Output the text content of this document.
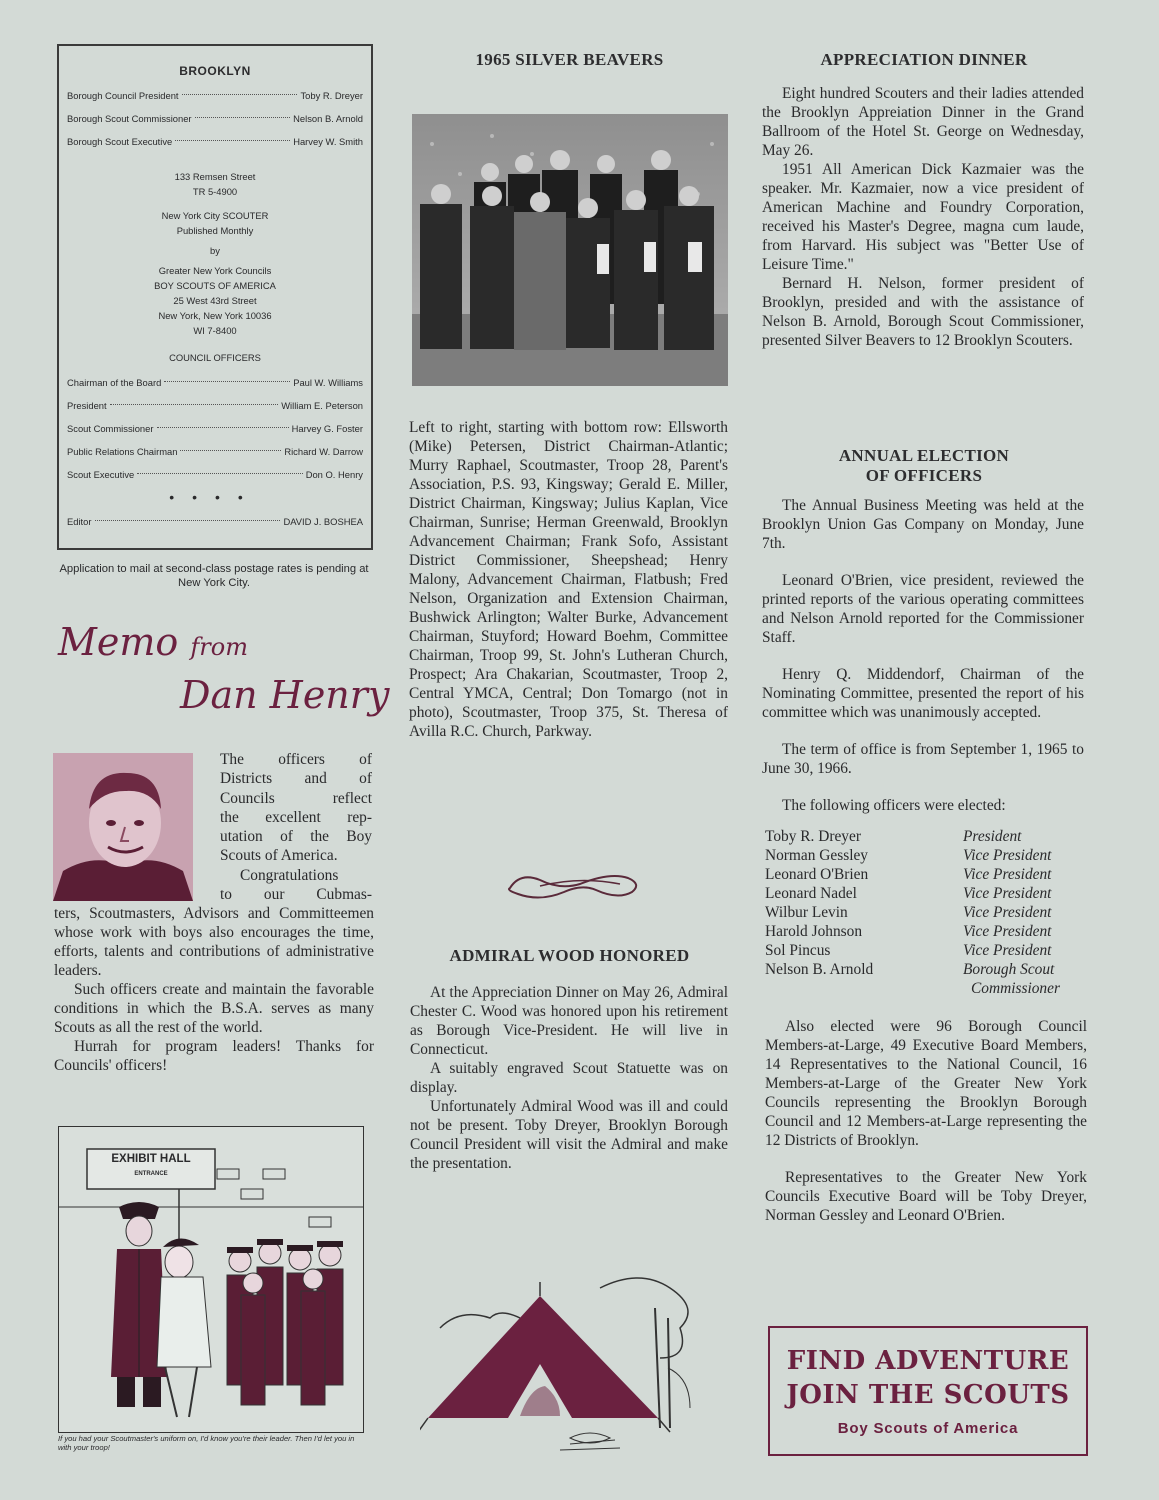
BROOKLYN
Borough Council President	Toby R. Dreyer
Borough Scout Commissioner	Nelson B. Arnold
Borough Scout Executive	Harvey W. Smith
133 Remsen Street
TR 5-4900
New York City SCOUTER
Published Monthly
by
Greater New York Councils
BOY SCOUTS OF AMERICA
25 West 43rd Street
New York, New York 10036
WI 7-8400
COUNCIL OFFICERS
Chairman of the Board	Paul W. Williams
President	William E. Peterson
Scout Commissioner	Harvey G. Foster
Public Relations Chairman	Richard W. Darrow
Scout Executive	Don O. Henry
••••
Editor	DAVID J. BOSHEA
Application to mail at second-class postage rates is pending at New York City.
Memo from
Dan Henry
The officers of
Districts and of
Councils reflect
the excellent rep-
utation of the Boy
Scouts of America.
Congratulations
to our Cubmas-

ters, Scoutmasters, Advisors and Committeemen whose work with boys also encourages the time, efforts, talents and contributions of administrative leaders.

Such officers create and maintain the favorable conditions in which the B.S.A. serves as many Scouts as all the rest of the world.

Hurrah for program leaders! Thanks for Councils' officers!

EXHIBIT HALL
ENTRANCE
If you had your Scoutmaster's uniform on, I'd know you're their leader. Then I'd let you in with your troop!
1965 SILVER BEAVERS

Left to right, starting with bottom row: Ellsworth (Mike) Petersen, District Chairman-Atlantic; Murry Raphael, Scoutmaster, Troop 28, Parent's Association, P.S. 93, Kingsway; Gerald E. Miller, District Chairman, Kingsway; Julius Kaplan, Vice Chairman, Sunrise; Herman Greenwald, Brooklyn Advancement Chairman; Frank Sofo, Assistant District Commissioner, Sheepshead; Henry Malony, Advancement Chairman, Flatbush; Fred Nelson, Organization and Extension Chairman, Bushwick Arlington; Walter Burke, Advancement Chairman, Stuyford; Howard Boehm, Committee Chairman, Troop 99, St. John's Lutheran Church, Prospect; Ara Chakarian, Scoutmaster, Troop 2, Central YMCA, Central; Don Tomargo (not in photo), Scoutmaster, Troop 375, St. Theresa of Avilla R.C. Church, Parkway.

ADMIRAL WOOD HONORED

At the Appreciation Dinner on May 26, Admiral Chester C. Wood was honored upon his retirement as Borough Vice-President. He will live in Connecticut.

A suitably engraved Scout Statuette was on display.

Unfortunately Admiral Wood was ill and could not be present. Toby Dreyer, Brooklyn Borough Council President will visit the Admiral and make the presentation.

APPRECIATION DINNER

Eight hundred Scouters and their ladies attended the Brooklyn Appreiation Dinner in the Grand Ballroom of the Hotel St. George on Wednesday, May 26.

1951 All American Dick Kazmaier was the speaker. Mr. Kazmaier, now a vice president of American Machine and Foundry Corporation, received his Master's Degree, magna cum laude, from Harvard. His subject was "Better Use of Leisure Time."

Bernard H. Nelson, former president of Brooklyn, presided and with the assistance of Nelson B. Arnold, Borough Scout Commissioner, presented Silver Beavers to 12 Brooklyn Scouters.

ANNUAL ELECTION
OF OFFICERS

The Annual Business Meeting was held at the Brooklyn Union Gas Company on Monday, June 7th.

Leonard O'Brien, vice president, reviewed the printed reports of the various operating committees and Nelson Arnold reported for the Commissioner Staff.

Henry Q. Middendorf, Chairman of the Nominating Committee, presented the report of his committee which was unanimously accepted.

The term of office is from September 1, 1965 to June 30, 1966.

The following officers were elected:

Toby R. Dreyer	President
Norman Gessley	Vice President
Leonard O'Brien	Vice President
Leonard Nadel	Vice President
Wilbur Levin	Vice President
Harold Johnson	Vice President
Sol Pincus	Vice President
Nelson B. Arnold	Borough Scout
Commissioner

Also elected were 96 Borough Council Members-at-Large, 49 Executive Board Members, 14 Representatives to the National Council, 16 Members-at-Large of the Greater New York Councils representing the Brooklyn Borough Council and 12 Members-at-Large representing the 12 Districts of Brooklyn.

Representatives to the Greater New York Councils Executive Board will be Toby Dreyer, Norman Gessley and Leonard O'Brien.

FIND ADVENTURE
JOIN THE SCOUTS
Boy Scouts of America
